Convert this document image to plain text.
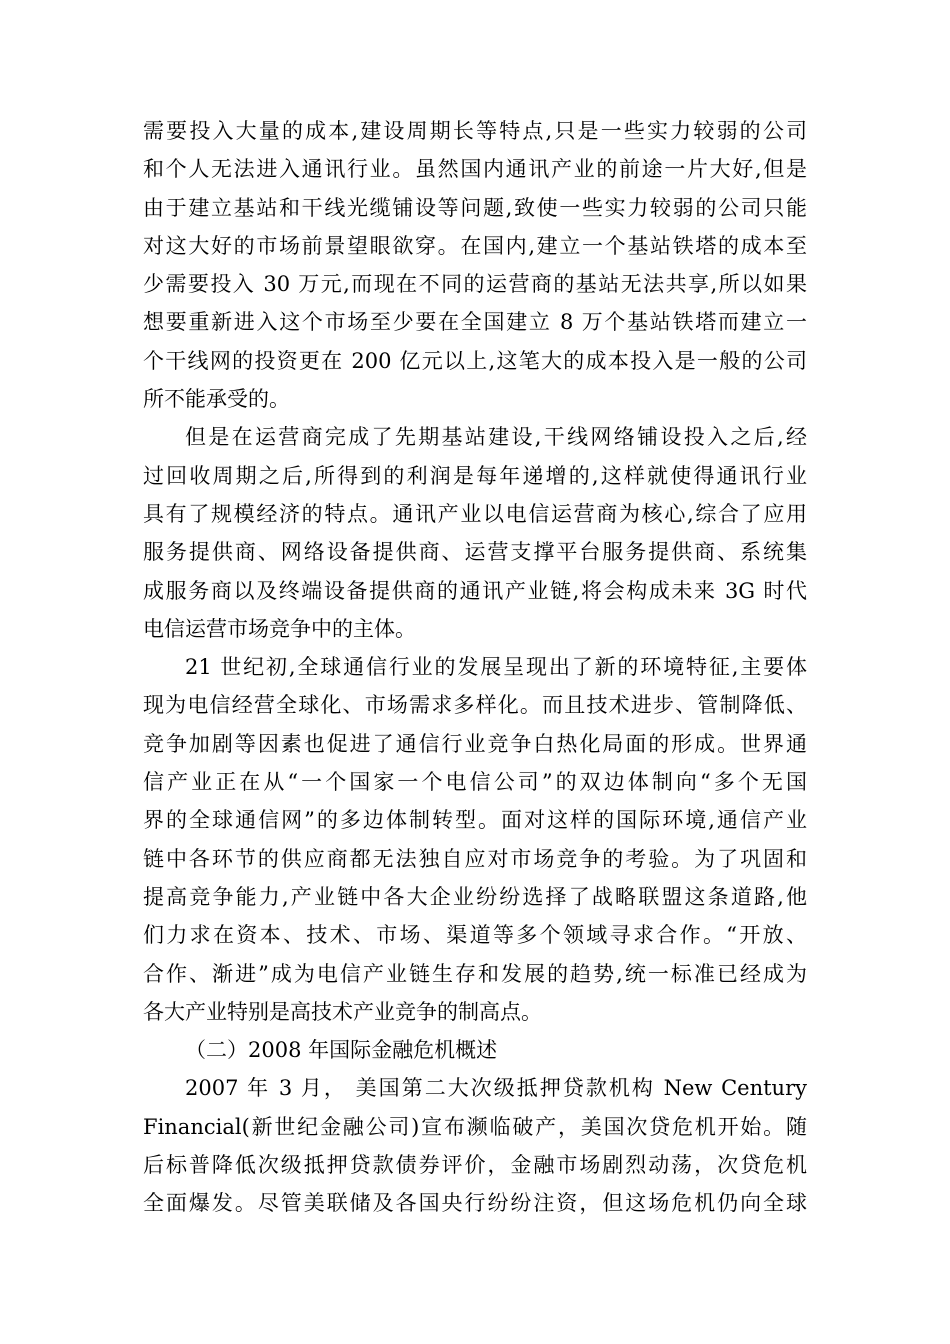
需要投入大量的成本,建设周期长等特点,只是一些实力较弱的公司
和个人无法进入通讯行业。虽然国内通讯产业的前途一片大好,但是
由于建立基站和干线光缆铺设等问题,致使一些实力较弱的公司只能
对这大好的市场前景望眼欲穿。在国内,建立一个基站铁塔的成本至
少需要投入 30 万元,而现在不同的运营商的基站无法共享,所以如果
想要重新进入这个市场至少要在全国建立 8 万个基站铁塔而建立一
个干线网的投资更在 200 亿元以上,这笔大的成本投入是一般的公司
所不能承受的。
但是在运营商完成了先期基站建设,干线网络铺设投入之后,经
过回收周期之后,所得到的利润是每年递增的,这样就使得通讯行业
具有了规模经济的特点。通讯产业以电信运营商为核心,综合了应用
服务提供商、网络设备提供商、运营支撑平台服务提供商、系统集
成服务商以及终端设备提供商的通讯产业链,将会构成未来 3G 时代
电信运营市场竞争中的主体。
21 世纪初,全球通信行业的发展呈现出了新的环境特征,主要体
现为电信经营全球化、市场需求多样化。而且技术进步、管制降低、
竞争加剧等因素也促进了通信行业竞争白热化局面的形成。世界通
信产业正在从“一个国家一个电信公司”的双边体制向“多个无国
界的全球通信网”的多边体制转型。面对这样的国际环境,通信产业
链中各环节的供应商都无法独自应对市场竞争的考验。为了巩固和
提高竞争能力,产业链中各大企业纷纷选择了战略联盟这条道路,他
们力求在资本、技术、市场、渠道等多个领域寻求合作。“开放、
合作、渐进”成为电信产业链生存和发展的趋势,统一标准已经成为
各大产业特别是高技术产业竞争的制高点。
（二）2008 年国际金融危机概述
2007 年 3 月， 美国第二大次级抵押贷款机构 New Century
Financial(新世纪金融公司)宣布濒临破产，美国次贷危机开始。随
后标普降低次级抵押贷款债券评价，金融市场剧烈动荡，次贷危机
全面爆发。尽管美联储及各国央行纷纷注资，但这场危机仍向全球
